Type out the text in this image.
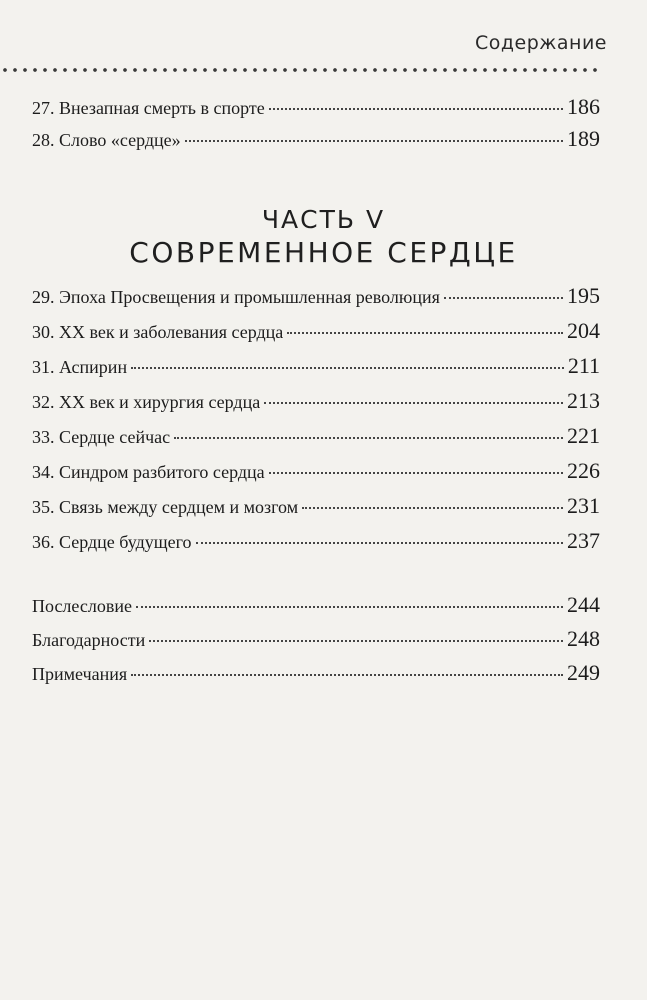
Содержание
27. Внезапная смерть в спорте	186
28. Слово «сердце»	189
ЧАСТЬ V
СОВРЕМЕННОЕ СЕРДЦЕ
29. Эпоха Просвещения и промышленная революция	195
30. XX век и заболевания сердца	204
31. Аспирин	211
32. XX век и хирургия сердца	213
33. Сердце сейчас	221
34. Синдром разбитого сердца	226
35. Связь между сердцем и мозгом	231
36. Сердце будущего	237
Послесловие	244
Благодарности	248
Примечания	249
